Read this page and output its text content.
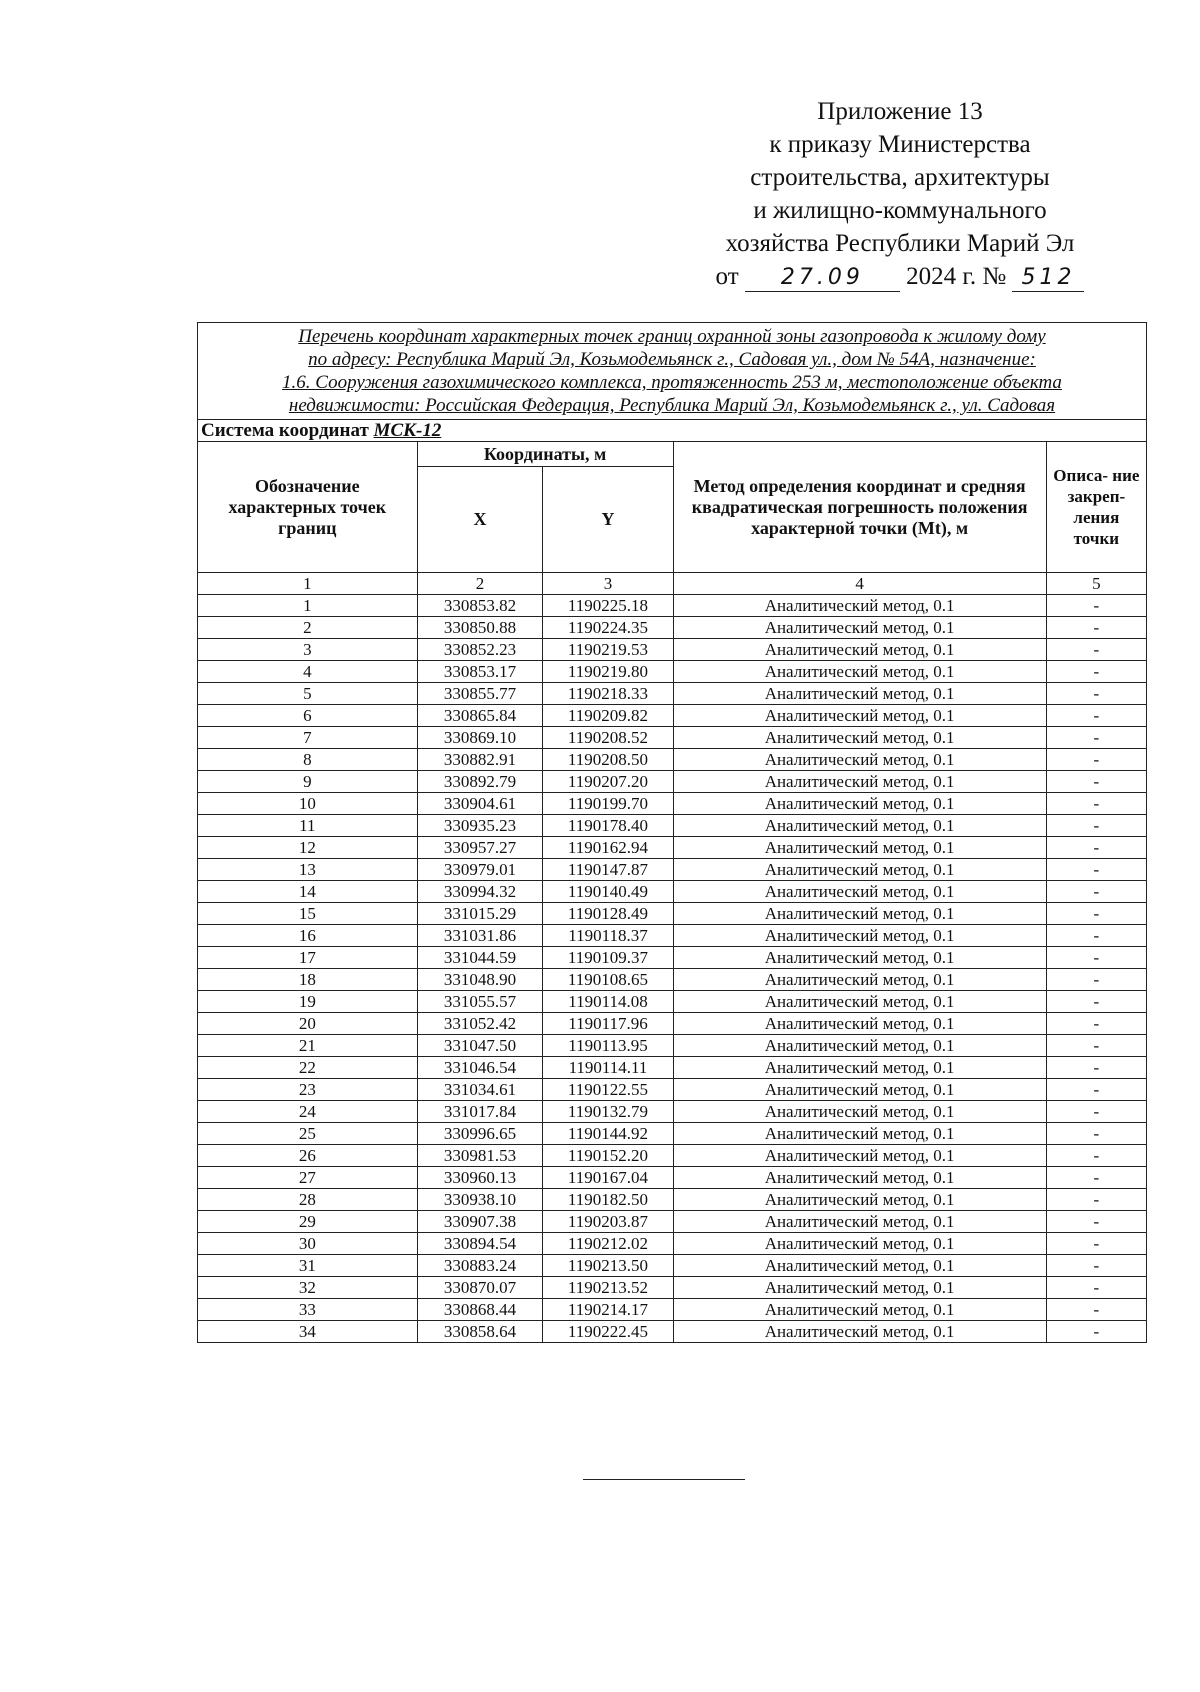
Приложение 13
к приказу Министерства
строительства, архитектуры
и жилищно-коммунального
хозяйства Республики Марий Эл
от 27.09 2024 г. № 512
Перечень координат характерных точек границ охранной зоны газопровода к жилому дому
по адресу: Республика Марий Эл, Козьмодемьянск г., Садовая ул., дом № 54А, назначение:
1.6. Сооружения газохимического комплекса, протяженность 253 м, местоположение объекта
недвижимости: Российская Федерация, Республика Марий Эл, Козьмодемьянск г., ул. Садовая				

Система координат МСК-12				
Обозначение характерных точек границ	Координаты, м		Метод определения координат и средняя квадратическая погрешность положения характерной точки (Mt), м	Описа- ние закреп- ления точки
	X	Y		
1	2	3	4	5
1	330853.82	1190225.18	Аналитический метод, 0.1	-
2	330850.88	1190224.35	Аналитический метод, 0.1	-
3	330852.23	1190219.53	Аналитический метод, 0.1	-
4	330853.17	1190219.80	Аналитический метод, 0.1	-
5	330855.77	1190218.33	Аналитический метод, 0.1	-
6	330865.84	1190209.82	Аналитический метод, 0.1	-
7	330869.10	1190208.52	Аналитический метод, 0.1	-
8	330882.91	1190208.50	Аналитический метод, 0.1	-
9	330892.79	1190207.20	Аналитический метод, 0.1	-
10	330904.61	1190199.70	Аналитический метод, 0.1	-
11	330935.23	1190178.40	Аналитический метод, 0.1	-
12	330957.27	1190162.94	Аналитический метод, 0.1	-
13	330979.01	1190147.87	Аналитический метод, 0.1	-
14	330994.32	1190140.49	Аналитический метод, 0.1	-
15	331015.29	1190128.49	Аналитический метод, 0.1	-
16	331031.86	1190118.37	Аналитический метод, 0.1	-
17	331044.59	1190109.37	Аналитический метод, 0.1	-
18	331048.90	1190108.65	Аналитический метод, 0.1	-
19	331055.57	1190114.08	Аналитический метод, 0.1	-
20	331052.42	1190117.96	Аналитический метод, 0.1	-
21	331047.50	1190113.95	Аналитический метод, 0.1	-
22	331046.54	1190114.11	Аналитический метод, 0.1	-
23	331034.61	1190122.55	Аналитический метод, 0.1	-
24	331017.84	1190132.79	Аналитический метод, 0.1	-
25	330996.65	1190144.92	Аналитический метод, 0.1	-
26	330981.53	1190152.20	Аналитический метод, 0.1	-
27	330960.13	1190167.04	Аналитический метод, 0.1	-
28	330938.10	1190182.50	Аналитический метод, 0.1	-
29	330907.38	1190203.87	Аналитический метод, 0.1	-
30	330894.54	1190212.02	Аналитический метод, 0.1	-
31	330883.24	1190213.50	Аналитический метод, 0.1	-
32	330870.07	1190213.52	Аналитический метод, 0.1	-
33	330868.44	1190214.17	Аналитический метод, 0.1	-
34	330858.64	1190222.45	Аналитический метод, 0.1	-
